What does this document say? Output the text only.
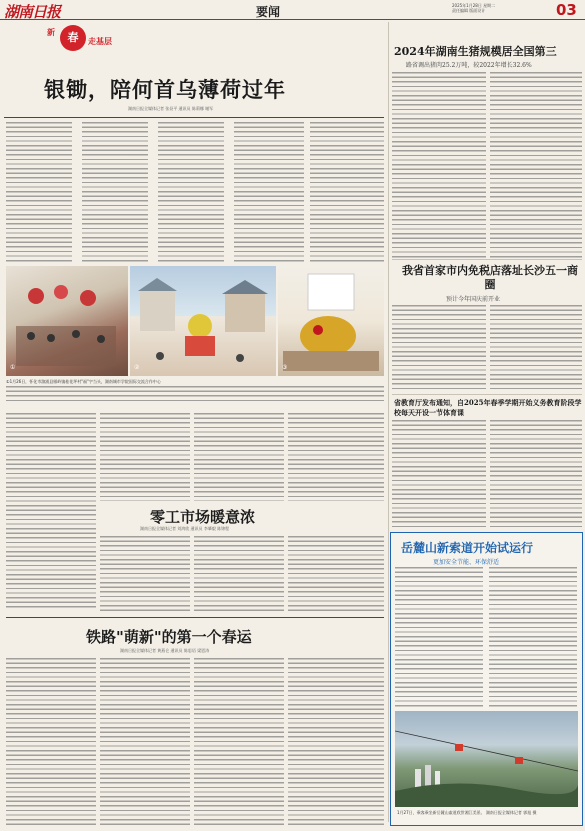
湖南日报	要闻	2025年1月28日 星期二
责任编辑 版面设计	03
新	春	走基层
银锄，陪何首乌薄荷过年
湖南日报全媒体记者 张昼平 通讯员 陈莉娜 谢军
①	②	③
①1月26日，怀化市溆浦县雁岭镇桂花坪村"福"字当头，湖南城市学院国际交流合作中心
2024年湖南生猪规模居全国第三
路省调出猪肉25.2万吨，较2022年增长32.6%
我省首家市内免税店落址长沙五一商圈
预计今年国庆前开业
省教育厅发布通知，自2025年春季学期开始义务教育阶段学校每天开设一节体育课
零工市场暖意浓
湖南日报全媒体记者 刘鸿欣 通讯员 李肇毅 陈锦程
铁路"萌新"的第一个春运
湖南日报全媒体记者 黄燕仑 通讯员 陈思语 梁恩涛
岳麓山新索道开始试运行
更加安全节能、环保舒适
1月27日，乘客乘坐新岳麓山索道欣赏湘江美景。 湖南日报全媒体记者 郭旭 摄
